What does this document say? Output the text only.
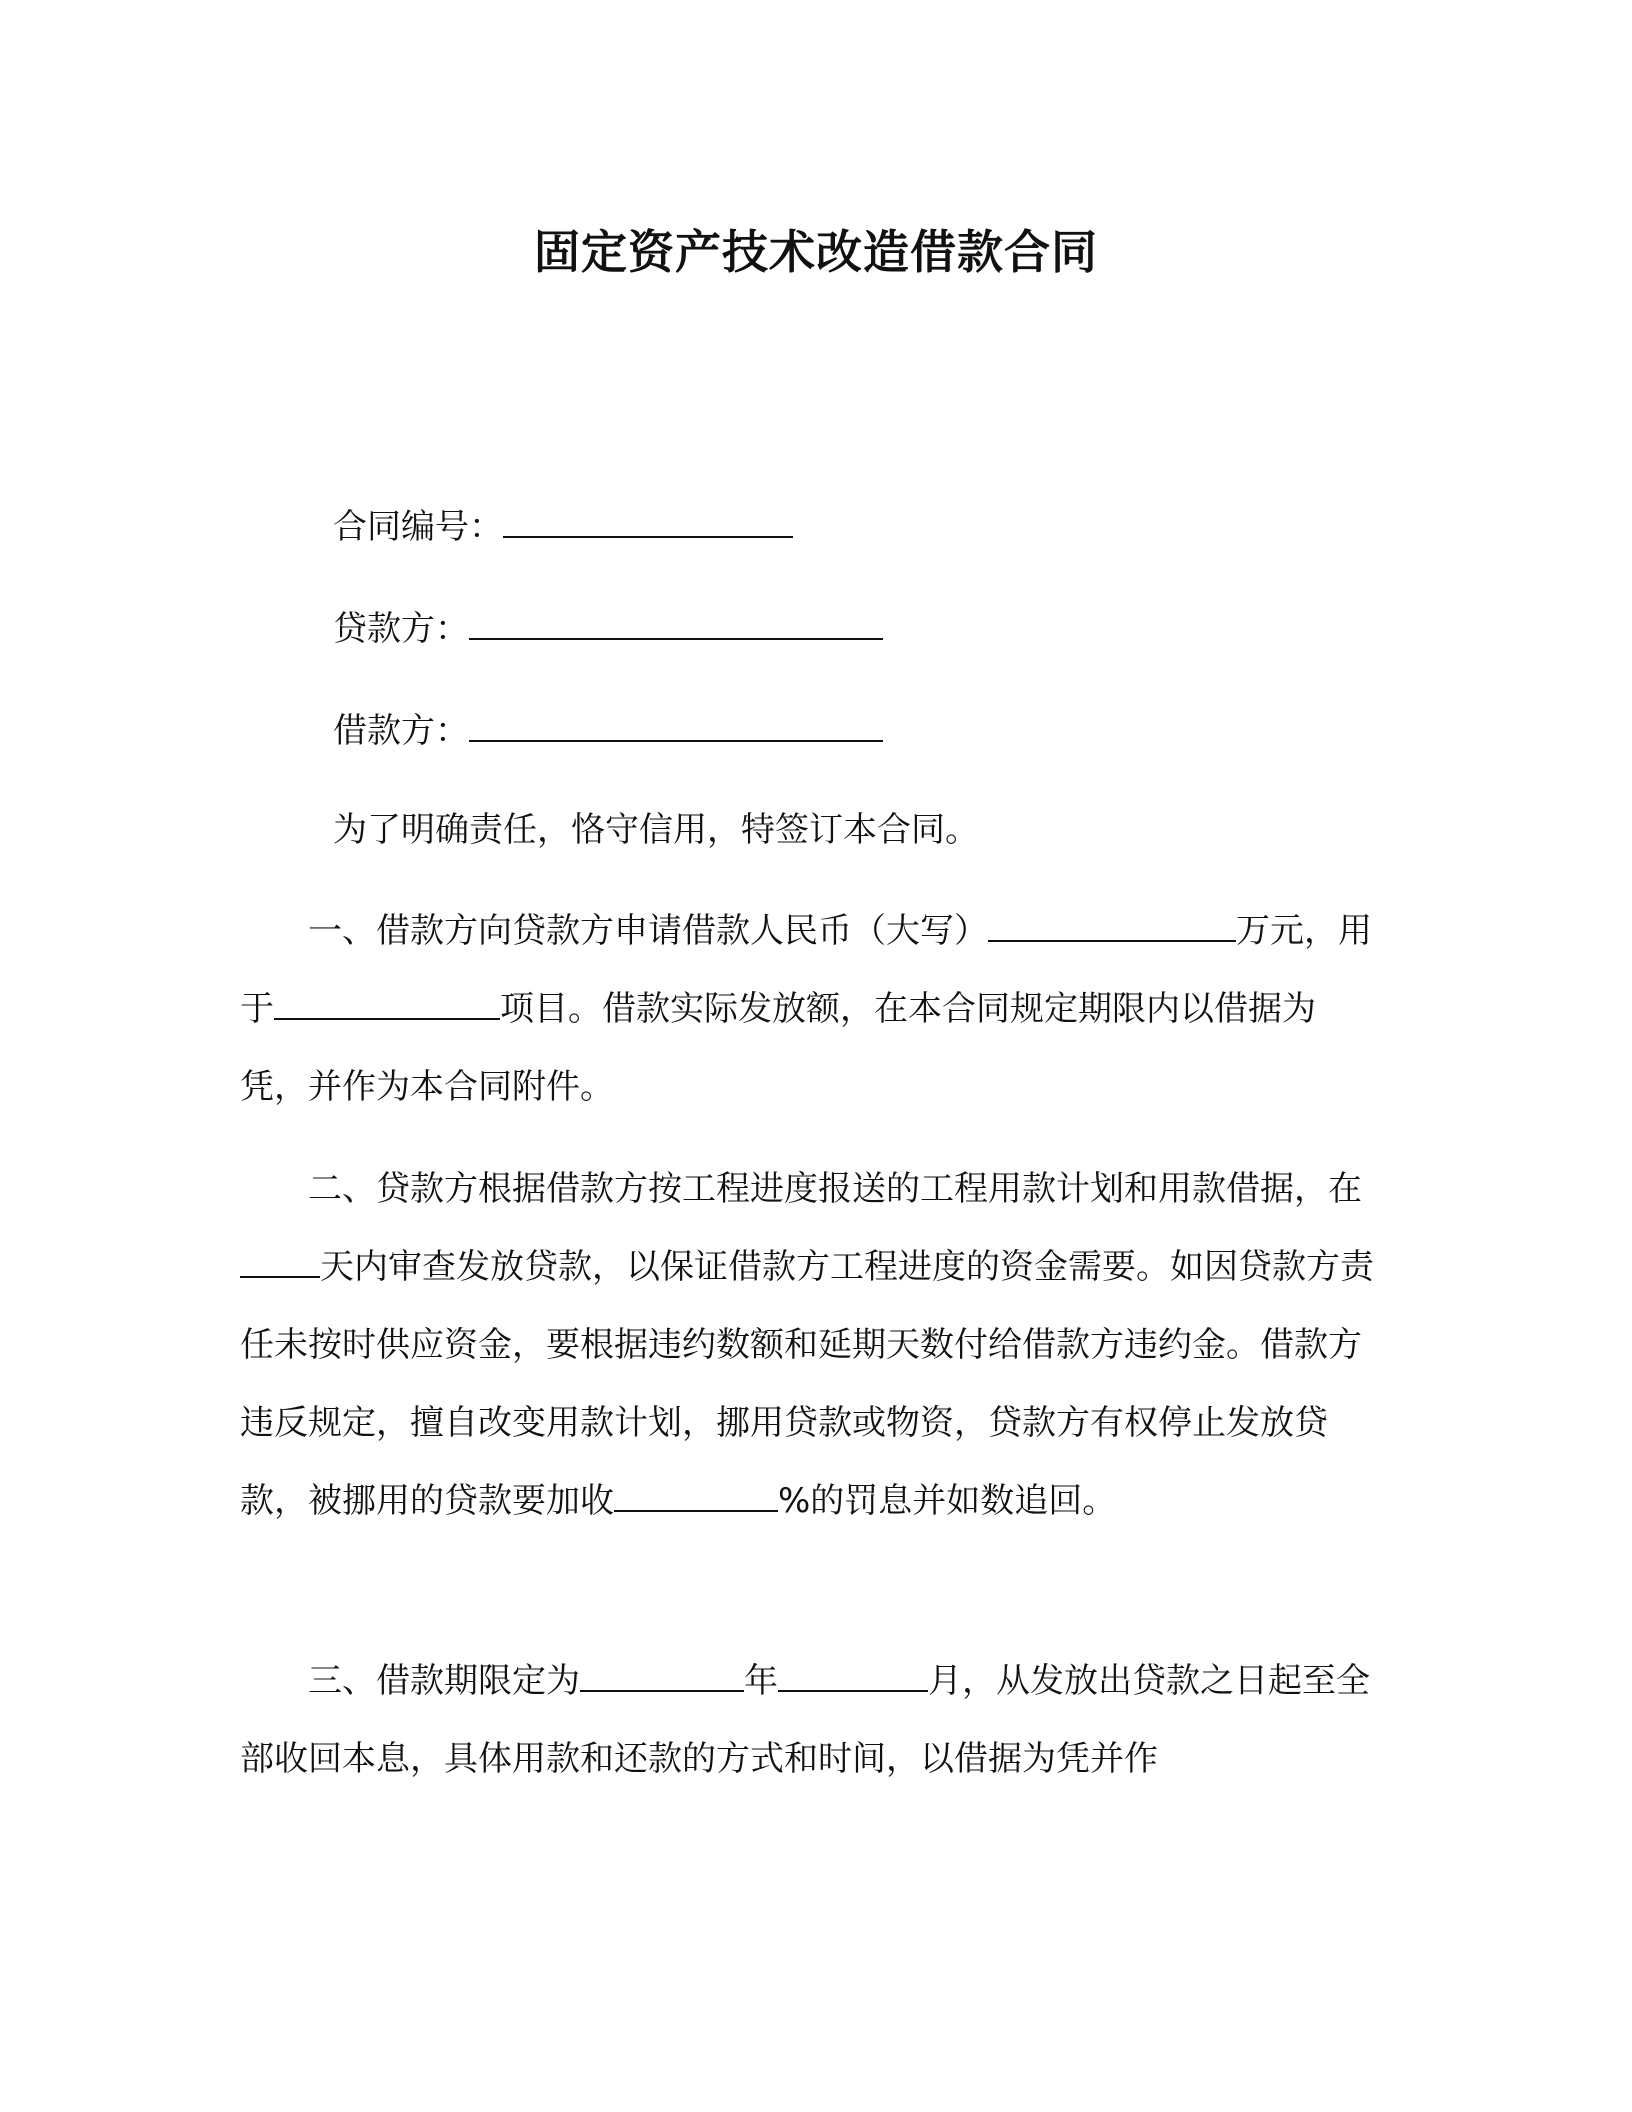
固定资产技术改造借款合同
合同编号：
贷款方：
借款方：
为了明确责任，恪守信用，特签订本合同。
一、借款方向贷款方申请借款人民币（大写）	万元，用于	项目。借款实际发放额，在本合同规定期限内以借据为凭，并作为本合同附件。
二、贷款方根据借款方按工程进度报送的工程用款计划和用款借据，在天内审查发放贷款，以保证借款方工程进度的资金需要。如因贷款方责任未按时供应资金，要根据违约数额和延期天数付给借款方违约金。借款方违反规定，擅自改变用款计划，挪用贷款或物资，贷款方有权停止发放贷款，被挪用的贷款要加收	%的罚息并如数追回。
三、借款期限定为	年	月，从发放出贷款之日起至全部收回本息，具体用款和还款的方式和时间，以借据为凭并作
